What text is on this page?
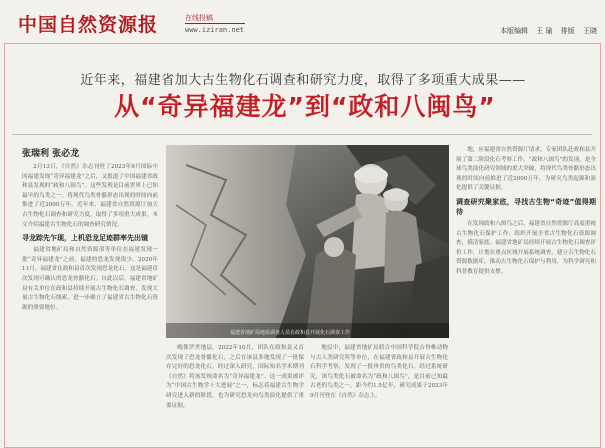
中国自然资源报	在线投稿
www.iziran.net	本版编辑 王 瑜 排版 王晓
近年来，福建省加大古生物化石调查和研究力度，取得了多项重大成果——
从“奇异福建龙”到“政和八闽鸟”
张瑞利 张必龙

2月13日，《自然》杂志刊登了2023年9月国际中国福建发现“奇异福建龙”之后，又报道了中国福建省政和县发现的“政和八闽鸟”。这些发现是目前世界上已知最早的鸟类之一，将现代鸟类骨骼形态出现的时间向前推进了近2000万年。近年来，福建省自然资源厅加大古生物化石调查和研究力度，取得了多项重大成果，本文介绍福建古生物化石的调查研究情况。

寻龙踪先乍现，上机恐龙足迹群率先出镜

福建省地矿局和自然资源部等单位在福建发现一批“奇异福建龙”之前，福建的恐龙发现很少。2020年11月，福建省在政和县首次发现恐龙化石，这是福建首次发现可确认的恐龙骨骼化石。自此以后，福建省地矿局有关单位在政和县持续开展古生物化石调查，发现大量古生物化石线索，进一步确立了福建省古生物化石资源的重要地位。

福建省地矿局地质调查人员在政和县开展化石调查工作

晚侏罗世地层。2022年10月，团队在政和县又首次发现了恐龙骨骼化石，之后在该县多地发现了一批保存完好的恐龙化石。经过深入研究，国际知名学术期刊《自然》将该发现命名为“奇异福建龙”。这一成果被评为“中国古生物学十大进展”之一，标志着福建古生物学研究进入新的阶段，也为研究恐龙向鸟类演化提供了重要证据。

地层中，福建省地矿局联合中国科学院古脊椎动物与古人类研究所等单位，在福建省政和县开展古生物化石科学考察，发现了一批珍贵的鸟类化石。经过系统研究，该鸟类化石被命名为“政和八闽鸟”，是目前已知最古老的鸟类之一，距今约1.5亿年，研究成果于2023年9月刊登在《自然》杂志上。

地，应福建省自然资源厅请求，专家团队赴政和县开展了第二阶段化石考察工作。“政和八闽鸟”的发现，是全球鸟类演化研究领域的重大突破，将现代鸟类骨骼形态出现的时间向前推进了近2000万年，为研究鸟类起源和演化提供了关键证据。

调查研究聚家底，寻找古生物“奇迹”值得期待

在发现政和八闽鸟之后，福建省自然资源厅高度重视古生物化石保护工作，组织开展全省古生物化石资源调查，摸清家底。福建省地矿局持续开展古生物化石调查评价工作，计划在重点区域开展系统调查，建立古生物化石资源数据库，推动古生物化石保护与利用，为科学研究和科普教育提供支撑。
